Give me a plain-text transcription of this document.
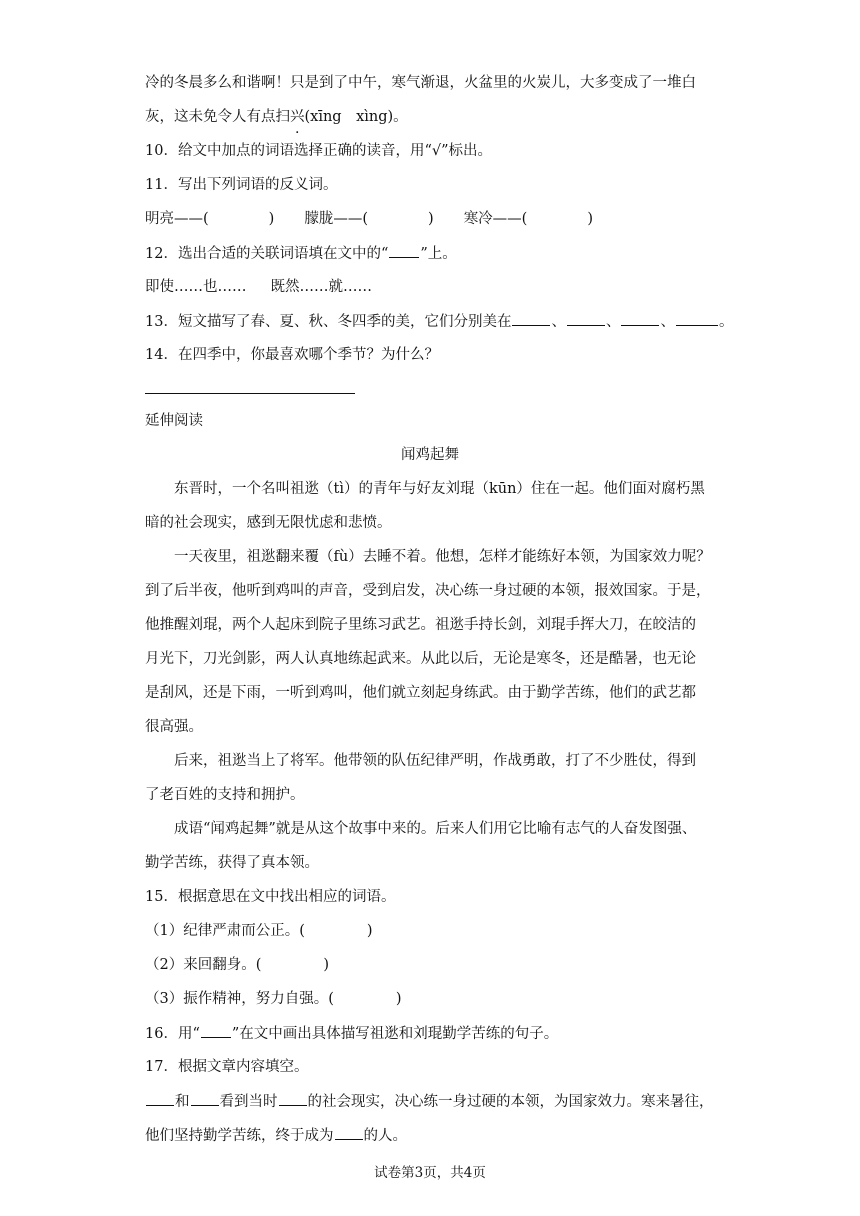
冷的冬晨多么和谐啊！只是到了中午，寒气渐退，火盆里的火炭儿，大多变成了一堆白
灰，这未免令人有点扫兴(xīng　xìng)。
10．给文中加点的词语选择正确的读音，用“√”标出。
11．写出下列词语的反义词。
明亮——(	) 朦胧——(	) 寒冷——(	)
12．选出合适的关联词语填在文中的“ ”上。
即使……也…… 既然……就……
13．短文描写了春、夏、秋、冬四季的美，它们分别美在	、	、	、	。
14．在四季中，你最喜欢哪个季节？为什么？
延伸阅读
闻鸡起舞
东晋时，一个名叫祖逖（tì）的青年与好友刘琨（kūn）住在一起。他们面对腐朽黑
暗的社会现实，感到无限忧虑和悲愤。
一天夜里，祖逖翻来覆（fù）去睡不着。他想，怎样才能练好本领，为国家效力呢？
到了后半夜，他听到鸡叫的声音，受到启发，决心练一身过硬的本领，报效国家。于是，
他推醒刘琨，两个人起床到院子里练习武艺。祖逖手持长剑，刘琨手挥大刀，在皎洁的
月光下，刀光剑影，两人认真地练起武来。从此以后，无论是寒冬，还是酷暑，也无论
是刮风，还是下雨，一听到鸡叫，他们就立刻起身练武。由于勤学苦练，他们的武艺都
很高强。
后来，祖逖当上了将军。他带领的队伍纪律严明，作战勇敢，打了不少胜仗，得到
了老百姓的支持和拥护。
成语“闻鸡起舞”就是从这个故事中来的。后来人们用它比喻有志气的人奋发图强、
勤学苦练，获得了真本领。
15．根据意思在文中找出相应的词语。
（1）纪律严肃而公正。(	)
（2）来回翻身。(	)
（3）振作精神，努力自强。(	)
16．用“ ”在文中画出具体描写祖逖和刘琨勤学苦练的句子。
17．根据文章内容填空。
和 看到当时 的社会现实，决心练一身过硬的本领，为国家效力。寒来暑往，
他们坚持勤学苦练，终于成为 的人。
试卷第3页，共4页
